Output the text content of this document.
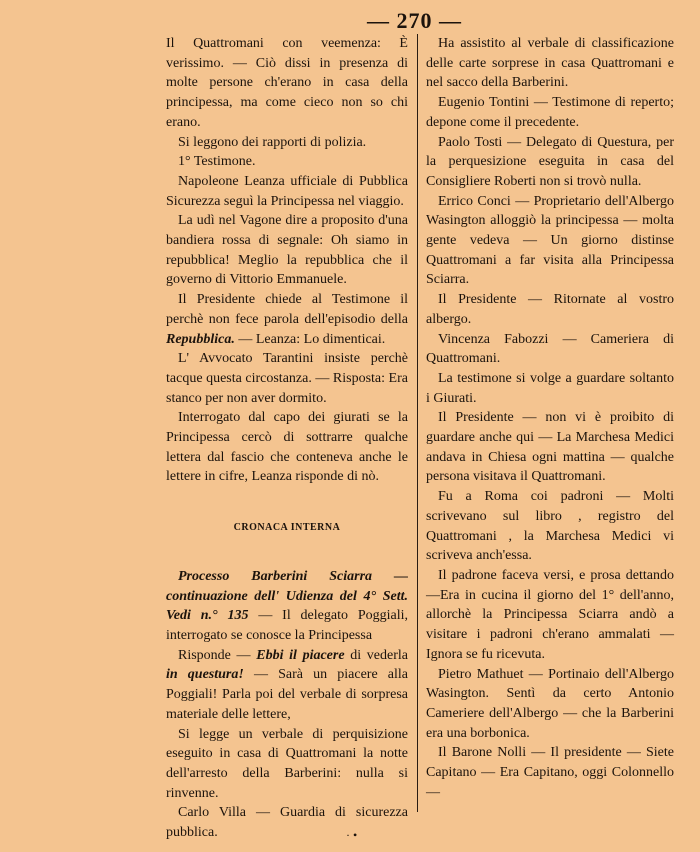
— 270 —

Il Quattromani con veemenza: È verissimo. — Ciò dissi in presenza di molte persone ch'erano in casa della principessa, ma come cieco non so chi erano.

Si leggono dei rapporti di polizia.

1° Testimone.

Napoleone Leanza ufficiale di Pubblica Sicurezza seguì la Principessa nel viaggio.

La udì nel Vagone dire a proposito d'una bandiera rossa di segnale: Oh siamo in repubblica! Meglio la repubblica che il governo di Vittorio Emmanuele.

Il Presidente chiede al Testimone il perchè non fece parola dell'episodio della Repubblica. — Leanza: Lo dimenticai.

L' Avvocato Tarantini insiste perchè tacque questa circostanza. — Risposta: Era stanco per non aver dormito.

Interrogato dal capo dei giurati se la Principessa cercò di sottrarre qualche lettera dal fascio che conteneva anche le lettere in cifre, Leanza risponde di nò.

CRONACA INTERNA

Processo Barberini Sciarra — continuazione dell' Udienza del 4° Sett. Vedi n.° 135 — Il delegato Poggiali, interrogato se conosce la Principessa

Risponde — Ebbi il piacere di vederla in questura! — Sarà un piacere alla Poggiali! Parla poi del verbale di sorpresa materiale delle lettere,

Si legge un verbale di perquisizione eseguito in casa di Quattromani la notte dell'arresto della Barberini: nulla si rinvenne.

Carlo Villa — Guardia di sicurezza pubblica.

Ha assistito al verbale di classificazione delle carte sorprese in casa Quattromani e nel sacco della Barberini.

Eugenio Tontini — Testimone di reperto; depone come il precedente.

Paolo Tosti — Delegato di Questura, per la perquesizione eseguita in casa del Consigliere Roberti non si trovò nulla.

Errico Conci — Proprietario dell'Albergo Wasington alloggiò la principessa — molta gente vedeva — Un giorno distinse Quattromani a far visita alla Principessa Sciarra.

Il Presidente — Ritornate al vostro albergo.

Vincenza Fabozzi — Cameriera di Quattromani.

La testimone si volge a guardare soltanto i Giurati.

Il Presidente — non vi è proibito di guardare anche qui — La Marchesa Medici andava in Chiesa ogni mattina — qualche persona visitava il Quattromani.

Fu a Roma coi padroni — Molti scrivevano sul libro , registro del Quattromani , la Marchesa Medici vi scriveva anch'essa.

Il padrone faceva versi, e prosa dettando —Era in cucina il giorno del 1° dell'anno, allorchè la Principessa Sciarra andò a visitare i padroni ch'erano ammalati — Ignora se fu ricevuta.

Pietro Mathuet — Portinaio dell'Albergo Wasington. Sentì da certo Antonio Cameriere dell'Albergo — che la Barberini era una borbonica.

Il Barone Nolli — Il presidente — Siete Capitano — Era Capitano, oggi Colonnello —

·•
